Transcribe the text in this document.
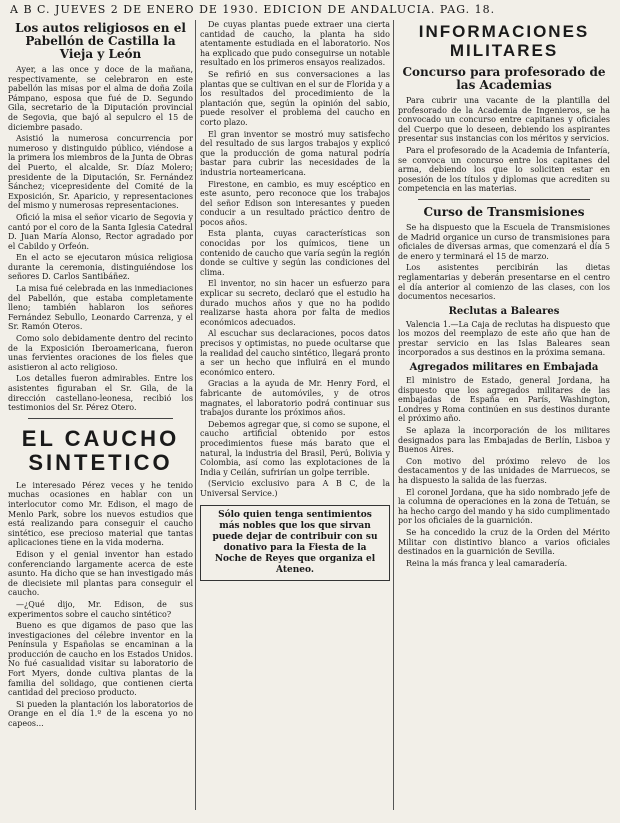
A B C. JUEVES 2 DE ENERO DE 1930. EDICION DE ANDALUCIA. PAG. 18.
Los autos religiosos en el Pabellón de Castilla la Vieja y León

Ayer, a las once y doce de la mañana, respectivamente, se celebraron en este pabellón las misas por el alma de doña Zoila Pámpano, esposa que fué de D. Segundo Gila, secretario de la Diputación provincial de Segovia, que bajó al sepulcro el 15 de diciembre pasado.

Asistió la numerosa concurrencia por numeroso y distinguido público, viéndose a la primera los miembros de la Junta de Obras del Puerto, el alcalde, Sr. Díaz Molero; presidente de la Diputación, Sr. Fernández Sánchez; vicepresidente del Comité de la Exposición, Sr. Aparicio, y representaciones del mismo y numerosas representaciones.

Ofició la misa el señor vicario de Segovia y cantó por el coro de la Santa Iglesia Catedral D. Juan María Alonso, Rector agradado por el Cabildo y Orfeón.

En el acto se ejecutaron música religiosa durante la ceremonia, distinguiéndose los señores D. Carlos Santibáñez.

La misa fué celebrada en las inmediaciones del Pabellón, que estaba completamente lleno; también hablaron los señores Fernández Sebullo, Leonardo Carrenza, y el Sr. Ramón Oteros.

Como solo debidamente dentro del recinto de la Exposición Iberoamericana, fueron unas fervientes oraciones de los fieles que asistieron al acto religioso.

Los detalles fueron admirables. Entre los asistentes figuraban el Sr. Gila, de la dirección castellano-leonesa, recibió los testimonios del Sr. Pérez Otero.

EL CAUCHO SINTETICO

Le interesado Pérez veces y he tenido muchas ocasiones en hablar con un interlocutor como Mr. Edison, el mago de Menlo Park, sobre los nuevos estudios que está realizando para conseguir el caucho sintético, ese precioso material que tantas aplicaciones tiene en la vida moderna.

Edison y el genial inventor han estado conferenciando largamente acerca de este asunto. Ha dicho que se han investigado más de diecisiete mil plantas para conseguir el caucho.

—¿Qué dijo, Mr. Edison, de sus experimentos sobre el caucho sintético?

Bueno es que digamos de paso que las investigaciones del célebre inventor en la Península y Españolas se encaminan a la producción de caucho en los Estados Unidos. No fué casualidad visitar su laboratorio de Fort Myers, donde cultiva plantas de la familia del solidago, que contienen cierta cantidad del precioso producto.

Si pueden la plantación los laboratorios de Orange en el día 1.º de la escena yo no capeos...

De cuyas plantas puede extraer una cierta cantidad de caucho, la planta ha sido atentamente estudiada en el laboratorio. Nos ha explicado que pudo conseguirse un notable resultado en los primeros ensayos realizados.

Se refirió en sus conversaciones a las plantas que se cultivan en el sur de Florida y a los resultados del procedimiento de la plantación que, según la opinión del sabio, puede resolver el problema del caucho en corto plazo.

El gran inventor se mostró muy satisfecho del resultado de sus largos trabajos y explicó que la producción de goma natural podría bastar para cubrir las necesidades de la industria norteamericana.

Firestone, en cambio, es muy escéptico en este asunto, pero reconoce que los trabajos del señor Edison son interesantes y pueden conducir a un resultado práctico dentro de pocos años.

Esta planta, cuyas características son conocidas por los químicos, tiene un contenido de caucho que varía según la región donde se cultive y según las condiciones del clima.

El inventor, no sin hacer un esfuerzo para explicar su secreto, declaró que el estudio ha durado muchos años y que no ha podido realizarse hasta ahora por falta de medios económicos adecuados.

Al escuchar sus declaraciones, pocos datos precisos y optimistas, no puede ocultarse que la realidad del caucho sintético, llegará pronto a ser un hecho que influirá en el mundo económico entero.

Gracias a la ayuda de Mr. Henry Ford, el fabricante de automóviles, y de otros magnates, el laboratorio podrá continuar sus trabajos durante los próximos años.

Debemos agregar que, si como se supone, el caucho artificial obtenido por estos procedimientos fuese más barato que el natural, la industria del Brasil, Perú, Bolivia y Colombia, así como las explotaciones de la India y Ceilán, sufrirían un golpe terrible.

(Servicio exclusivo para A B C, de la Universal Service.)

Sólo quien tenga sentimientos más nobles que los que sirvan puede dejar de contribuir con su donativo para la Fiesta de la Noche de Reyes que organiza el Ateneo.
INFORMACIONES MILITARES
Concurso para profesorado de las Academias

Para cubrir una vacante de la plantilla del profesorado de la Academia de Ingenieros, se ha convocado un concurso entre capitanes y oficiales del Cuerpo que lo deseen, debiendo los aspirantes presentar sus instancias con los méritos y servicios.

Para el profesorado de la Academia de Infantería, se convoca un concurso entre los capitanes del arma, debiendo los que lo soliciten estar en posesión de los títulos y diplomas que acrediten su competencia en las materias.

Curso de Transmisiones

Se ha dispuesto que la Escuela de Transmisiones de Madrid organice un curso de transmisiones para oficiales de diversas armas, que comenzará el día 5 de enero y terminará el 15 de marzo.

Los asistentes percibirán las dietas reglamentarias y deberán presentarse en el centro el día anterior al comienzo de las clases, con los documentos necesarios.

Reclutas a Baleares

Valencia 1.—La Caja de reclutas ha dispuesto que los mozos del reemplazo de este año que han de prestar servicio en las Islas Baleares sean incorporados a sus destinos en la próxima semana.

Agregados militares en Embajada

El ministro de Estado, general Jordana, ha dispuesto que los agregados militares de las embajadas de España en París, Washington, Londres y Roma continúen en sus destinos durante el próximo año.

Se aplaza la incorporación de los militares designados para las Embajadas de Berlín, Lisboa y Buenos Aires.

Con motivo del próximo relevo de los destacamentos y de las unidades de Marruecos, se ha dispuesto la salida de las fuerzas.

El coronel Jordana, que ha sido nombrado jefe de la columna de operaciones en la zona de Tetuán, se ha hecho cargo del mando y ha sido cumplimentado por los oficiales de la guarnición.

Se ha concedido la cruz de la Orden del Mérito Militar con distintivo blanco a varios oficiales destinados en la guarnición de Sevilla.

Reina la más franca y leal camaradería.
